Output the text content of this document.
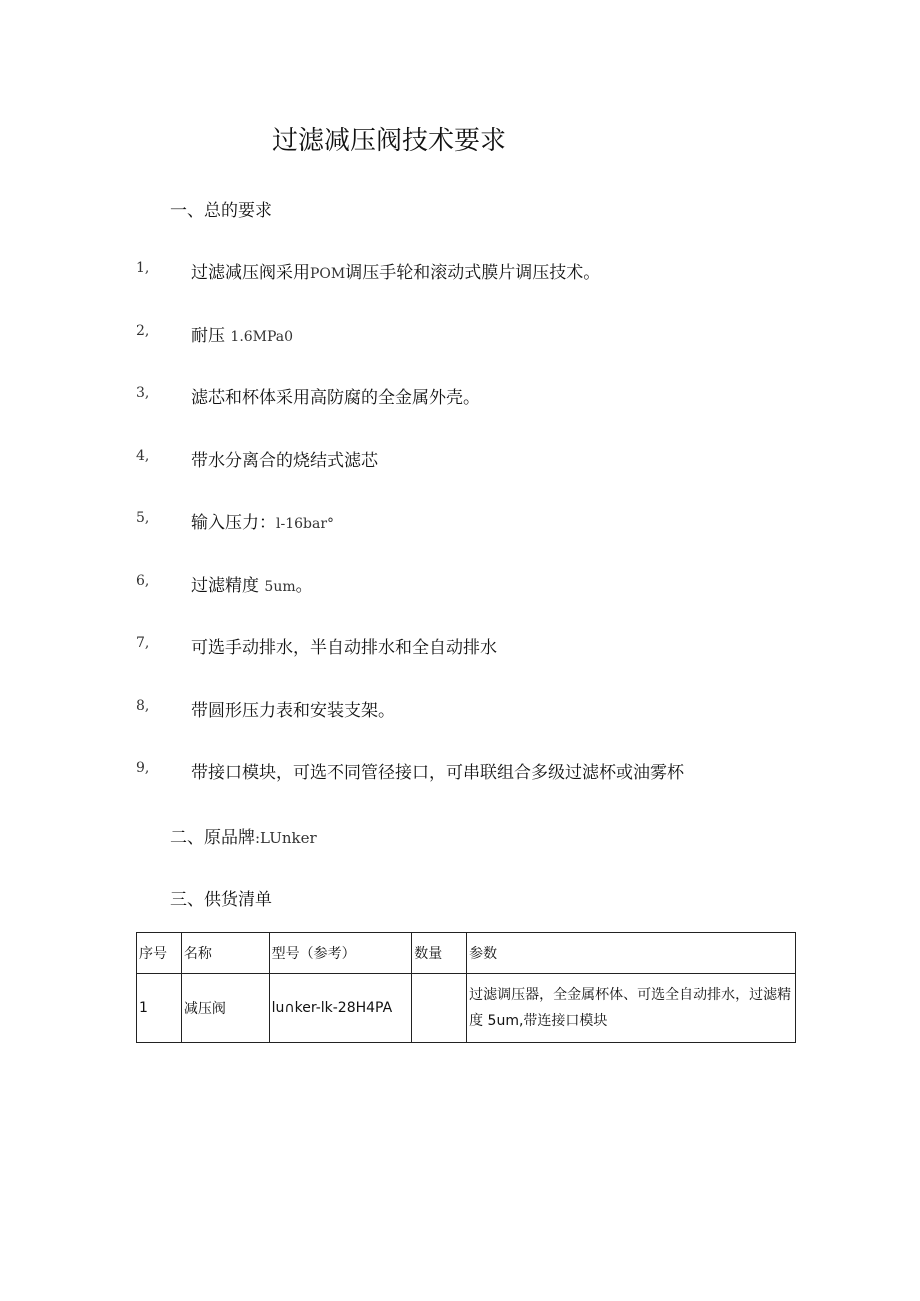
过滤减压阀技术要求
一、总的要求
1, 过滤减压阀采用POM调压手轮和滚动式膜片调压技术。
2, 耐压 1.6MPa0
3, 滤芯和杯体采用高防腐的全金属外壳。
4, 带水分离合的烧结式滤芯
5, 输入压力：l-16bar°
6, 过滤精度 5um。
7, 可选手动排水，半自动排水和全自动排水
8, 带圆形压力表和安装支架。
9, 带接口模块，可选不同管径接口，可串联组合多级过滤杯或油雾杯
二、原品牌:LUnker
三、供货清单
序号	名称	型号（参考）	数量	参数
1	减压阀	lu∩ker-lk-28H4PA		过滤调压器，全金属杯体、可选全自动排水，过滤精度 5um,带连接口模块
